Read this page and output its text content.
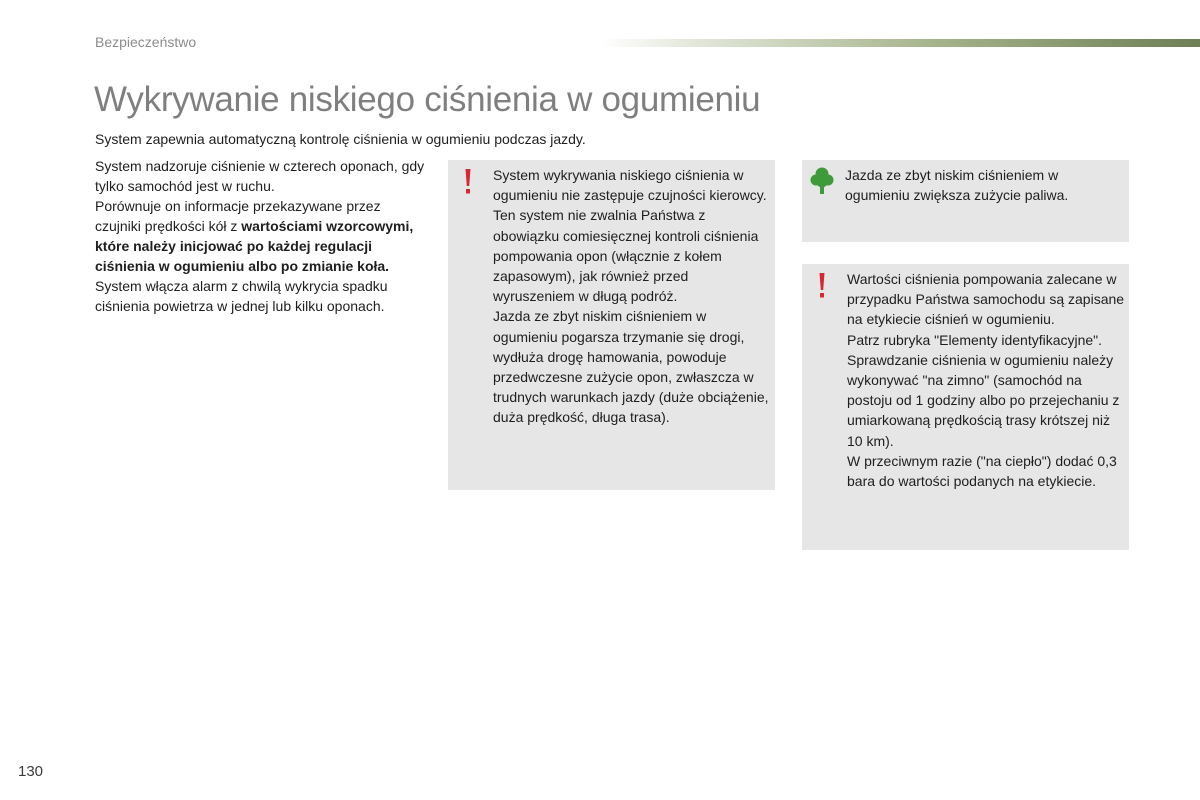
Bezpieczeństwo
Wykrywanie niskiego ciśnienia w ogumieniu

System zapewnia automatyczną kontrolę ciśnienia w ogumieniu podczas jazdy.

System nadzoruje ciśnienie w czterech oponach, gdy tylko samochód jest w ruchu.

Porównuje on informacje przekazywane przez czujniki prędkości kół z wartościami wzorcowymi, które należy inicjować po każdej regulacji ciśnienia w ogumieniu albo po zmianie koła.

System włącza alarm z chwilą wykrycia spadku ciśnienia powietrza w jednej lub kilku oponach.

System wykrywania niskiego ciśnienia w ogumieniu nie zastępuje czujności kierowcy.

Ten system nie zwalnia Państwa z obowiązku comiesięcznej kontroli ciśnienia pompowania opon (włącznie z kołem zapasowym), jak również przed wyruszeniem w długą podróż.

Jazda ze zbyt niskim ciśnieniem w ogumieniu pogarsza trzymanie się drogi, wydłuża drogę hamowania, powoduje przedwczesne zużycie opon, zwłaszcza w trudnych warunkach jazdy (duże obciążenie, duża prędkość, długa trasa).

Jazda ze zbyt niskim ciśnieniem w ogumieniu zwiększa zużycie paliwa.

Wartości ciśnienia pompowania zalecane w przypadku Państwa samochodu są zapisane na etykiecie ciśnień w ogumieniu.

Patrz rubryka "Elementy identyfikacyjne".

Sprawdzanie ciśnienia w ogumieniu należy wykonywać "na zimno" (samochód na postoju od 1 godziny albo po przejechaniu z umiarkowaną prędkością trasy krótszej niż 10 km).

W przeciwnym razie ("na ciepło") dodać 0,3 bara do wartości podanych na etykiecie.

130
